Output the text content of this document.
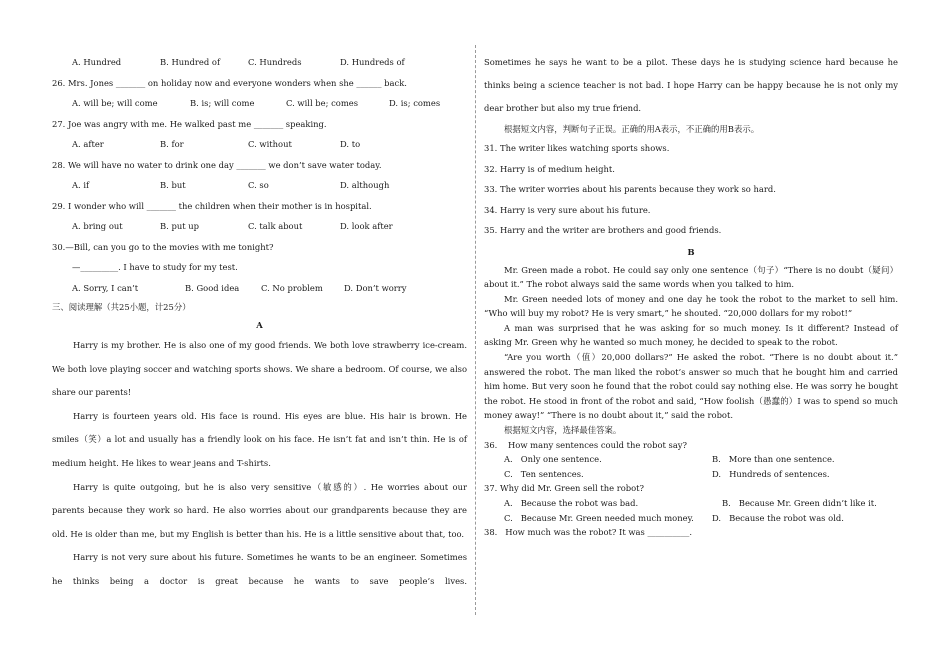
A. Hundred	B. Hundred of	C. Hundreds	D. Hundreds of
26. Mrs. Jones _______ on holiday now and everyone wonders when she ______ back.
A. will be; will come	B. is; will come	C. will be; comes	D. is; comes
27. Joe was angry with me. He walked past me _______ speaking.
A. after	B. for	C. without	D. to
28. We will have no water to drink one day _______ we don’t save water today.
A. if	B. but	C. so	D. although
29. I wonder who will _______ the children when their mother is in hospital.
A. bring out	B. put up	C. talk about	D. look after
30.—Bill, can you go to the movies with me tonight?
—_________. I have to study for my test.
A. Sorry, I can’t	B. Good idea	C. No problem	D. Don’t worry
三、阅读理解（共25小题，计25分）
A

Harry is my brother. He is also one of my good friends. We both love strawberry ice-cream. We both love playing soccer and watching sports shows. We share a bedroom. Of course, we also share our parents!

Harry is fourteen years old. His face is round. His eyes are blue. His hair is brown. He smiles（笑）a lot and usually has a friendly look on his face. He isn’t fat and isn’t thin. He is of medium height. He likes to wear jeans and T-shirts.

Harry is quite outgoing, but he is also very sensitive（敏感的）. He worries about our parents because they work so hard. He also worries about our grandparents because they are old. He is older than me, but my English is better than his. He is a little sensitive about that, too.

Harry is not very sure about his future. Sometimes he wants to be an engineer. Sometimes he thinks being a doctor is great because he wants to save people’s lives.

Sometimes he says he want to be a pilot. These days he is studying science hard because he thinks being a science teacher is not bad. I hope Harry can be happy because he is not only my dear brother but also my true friend.

根据短文内容，判断句子正误。正确的用A表示，不正确的用B表示。
31. The writer likes watching sports shows.
32. Harry is of medium height.
33. The writer worries about his parents because they work so hard.
34. Harry is very sure about his future.
35. Harry and the writer are brothers and good friends.
B

Mr. Green made a robot. He could say only one sentence（句子）“There is no doubt（疑问）about it.” The robot always said the same words when you talked to him.

Mr. Green needed lots of money and one day he took the robot to the market to sell him. “Who will buy my robot? He is very smart,” he shouted. “20,000 dollars for my robot!”

A man was surprised that he was asking for so much money. Is it different? Instead of asking Mr. Green why he wanted so much money, he decided to speak to the robot.

“Are you worth（值）20,000 dollars?” He asked the robot. “There is no doubt about it.” answered the robot. The man liked the robot’s answer so much that he bought him and carried him home. But very soon he found that the robot could say nothing else. He was sorry he bought the robot. He stood in front of the robot and said, “How foolish（愚蠢的）I was to spend so much money away!” “There is no doubt about it,” said the robot.

根据短文内容，选择最佳答案。
36.    How many sentences could the robot say?
A.   Only one sentence.	B.   More than one sentence.
C.   Ten sentences.	D.   Hundreds of sentences.
37. Why did Mr. Green sell the robot?
A.   Because the robot was bad.	B.   Because Mr. Green didn’t like it.
C.   Because Mr. Green needed much money.	D.   Because the robot was old.
38.   How much was the robot? It was __________.
